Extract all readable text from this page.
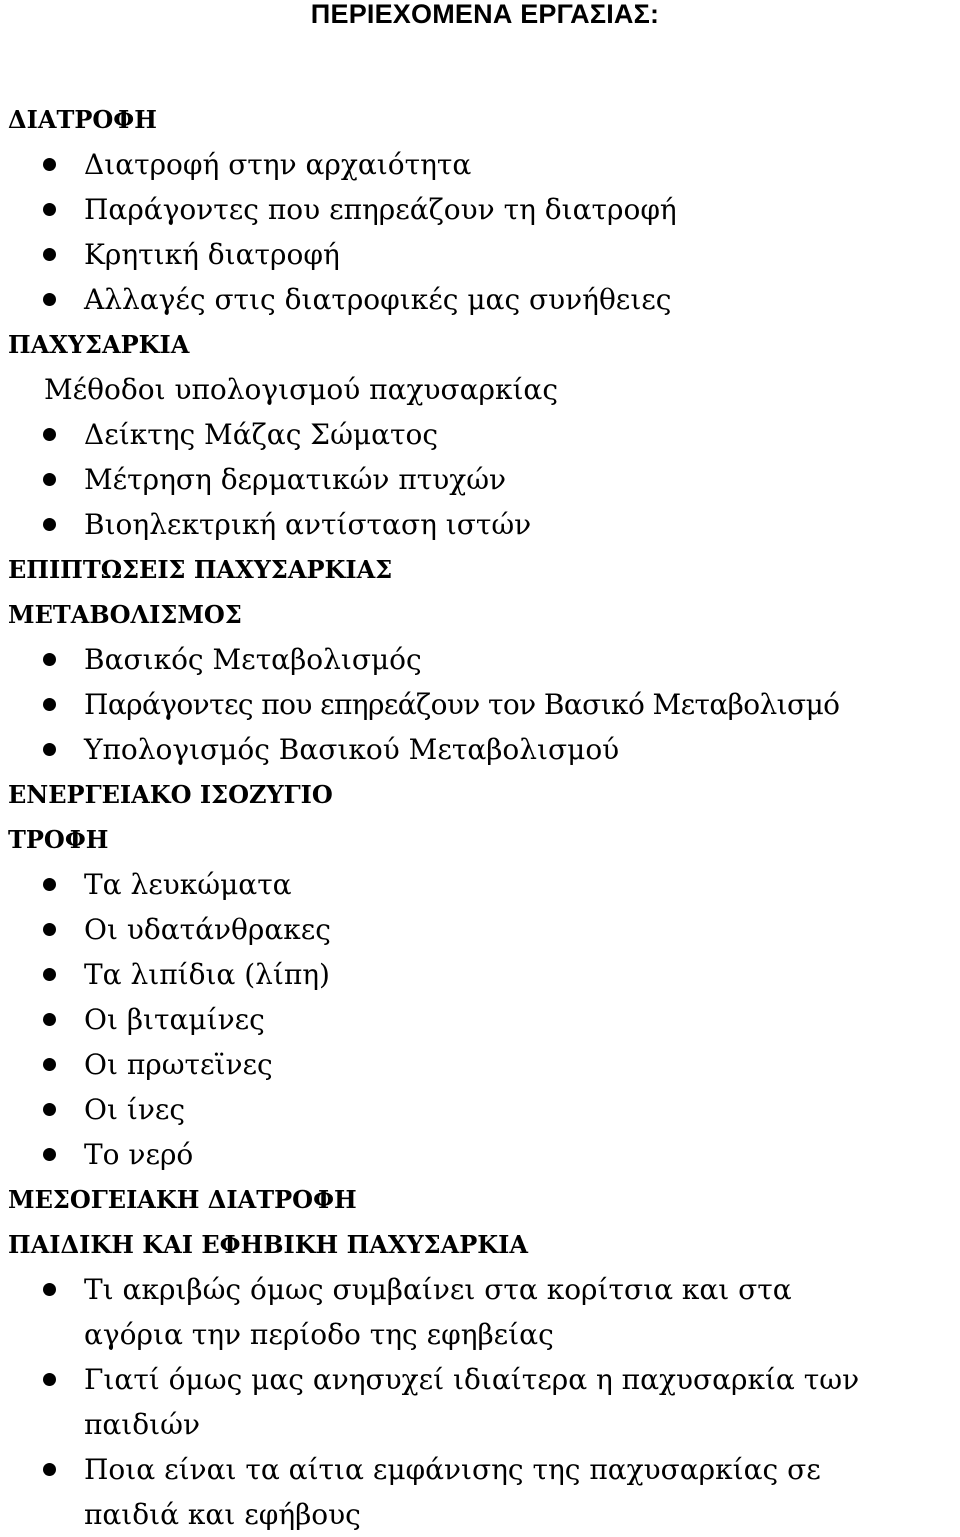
ΠΕΡΙΕΧΟΜΕΝΑ ΕΡΓΑΣΙΑΣ:
ΔΙΑΤΡΟΦΗ
Διατροφή στην αρχαιότητα
Παράγοντες που επηρεάζουν τη διατροφή
Κρητική διατροφή
Αλλαγές στις διατροφικές μας συνήθειες
ΠΑΧΥΣΑΡΚΙΑ
Μέθοδοι υπολογισμού παχυσαρκίας
Δείκτης Μάζας Σώματος
Μέτρηση δερματικών πτυχών
Βιοηλεκτρική αντίσταση ιστών
ΕΠΙΠΤΩΣΕΙΣ ΠΑΧΥΣΑΡΚΙΑΣ
ΜΕΤΑΒΟΛΙΣΜΟΣ
Βασικός Μεταβολισμός
Παράγοντες που επηρεάζουν τον Βασικό Μεταβολισμό
Υπολογισμός Βασικού Μεταβολισμού
ΕΝΕΡΓΕΙΑΚΟ ΙΣΟΖΥΓΙΟ
ΤΡΟΦΗ
Τα λευκώματα
Οι υδατάνθρακες
Τα λιπίδια (λίπη)
Οι βιταμίνες
Οι πρωτεϊνες
Οι ίνες
Το νερό
ΜΕΣΟΓΕΙΑΚΗ ΔΙΑΤΡΟΦΗ
ΠΑΙΔΙΚΗ ΚΑΙ ΕΦΗΒΙΚΗ ΠΑΧΥΣΑΡΚΙΑ
Τι ακριβώς όμως συμβαίνει στα κορίτσια και στα αγόρια την περίοδο της εφηβείας
Γιατί όμως μας ανησυχεί ιδιαίτερα η παχυσαρκία των παιδιών
Ποια είναι τα αίτια εμφάνισης της παχυσαρκίας σε παιδιά και εφήβους
